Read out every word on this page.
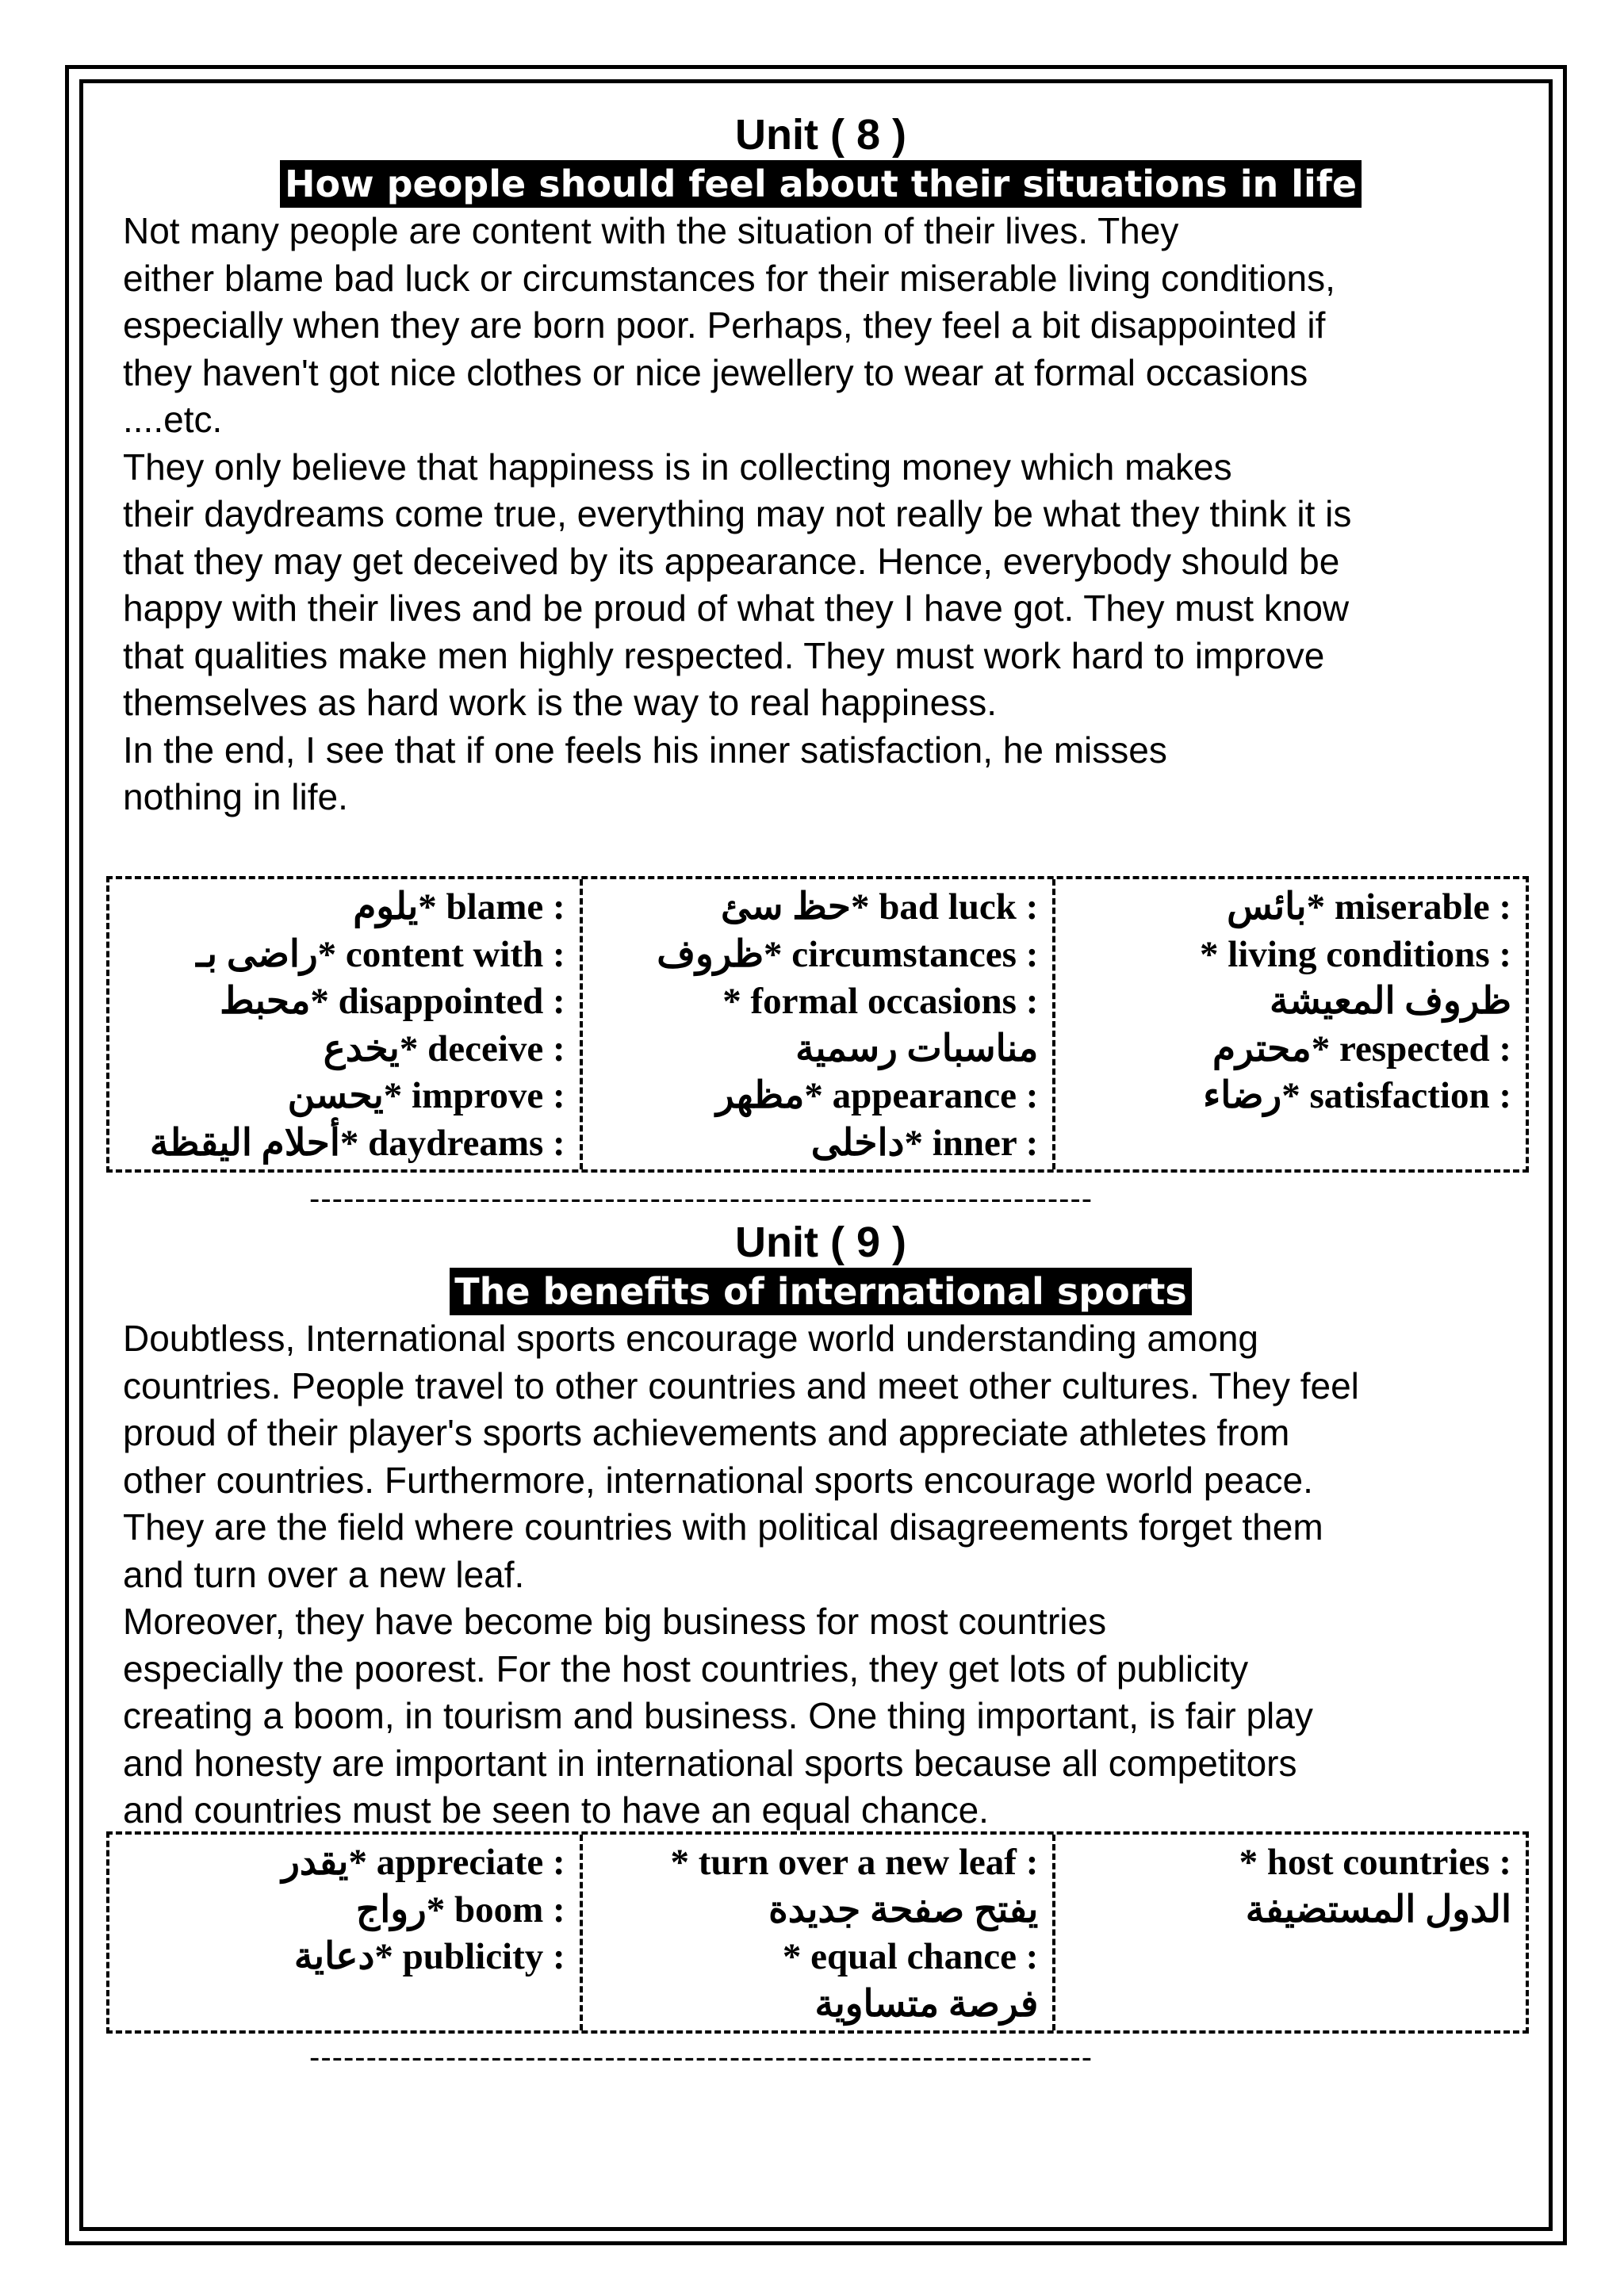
Unit ( 8 )
How people should feel about their situations in life

Not many people are content with the situation of their lives. They
either blame bad luck or circumstances for their miserable living conditions,
especially when they are born poor. Perhaps, they feel a bit disappointed if
they haven't got nice clothes or nice jewellery to wear at formal occasions
....etc.

They only believe that happiness is in collecting money which makes
their daydreams come true, everything may not really be what they think it is
that they may get deceived by its appearance. Hence, everybody should be
happy with their lives and be proud of what they I have got. They must know
that qualities make men highly respected. They must work hard to improve
themselves as hard work is the way to real happiness.

In the end, I see that if one feels his inner satisfaction, he misses
nothing in life.

يلوم* blame :
راضى بـ* content with :
محبط* disappointed :
يخدع* deceive :
يحسن* improve :
أحلام اليقظة* daydreams :
حظ سئ* bad luck :
ظروف* circumstances :
* formal occasions :
مناسبات رسمية
مظهر* appearance :
داخلى* inner :
بائس* miserable :
* living conditions :
ظروف المعيشة
محترم* respected :
رضاء* satisfaction :
---------------------------------------------------------------------
Unit ( 9 )
The benefits of international sports

Doubtless, International sports encourage world understanding among
countries. People travel to other countries and meet other cultures. They feel
proud of their player's sports achievements and appreciate athletes from
other countries. Furthermore, international sports encourage world peace.
They are the field where countries with political disagreements forget them
and turn over a new leaf.

Moreover, they have become big business for most countries
especially the poorest. For the host countries, they get lots of publicity
creating a boom, in tourism and business. One thing important, is fair play
and honesty are important in international sports because all competitors
and countries must be seen to have an equal chance.

يقدر* appreciate :
رواج* boom :
دعاية* publicity :
* turn over a new leaf :
يفتح صفحة جديدة
* equal chance :
فرصة متساوية
* host countries :
الدول المستضيفة
---------------------------------------------------------------------
